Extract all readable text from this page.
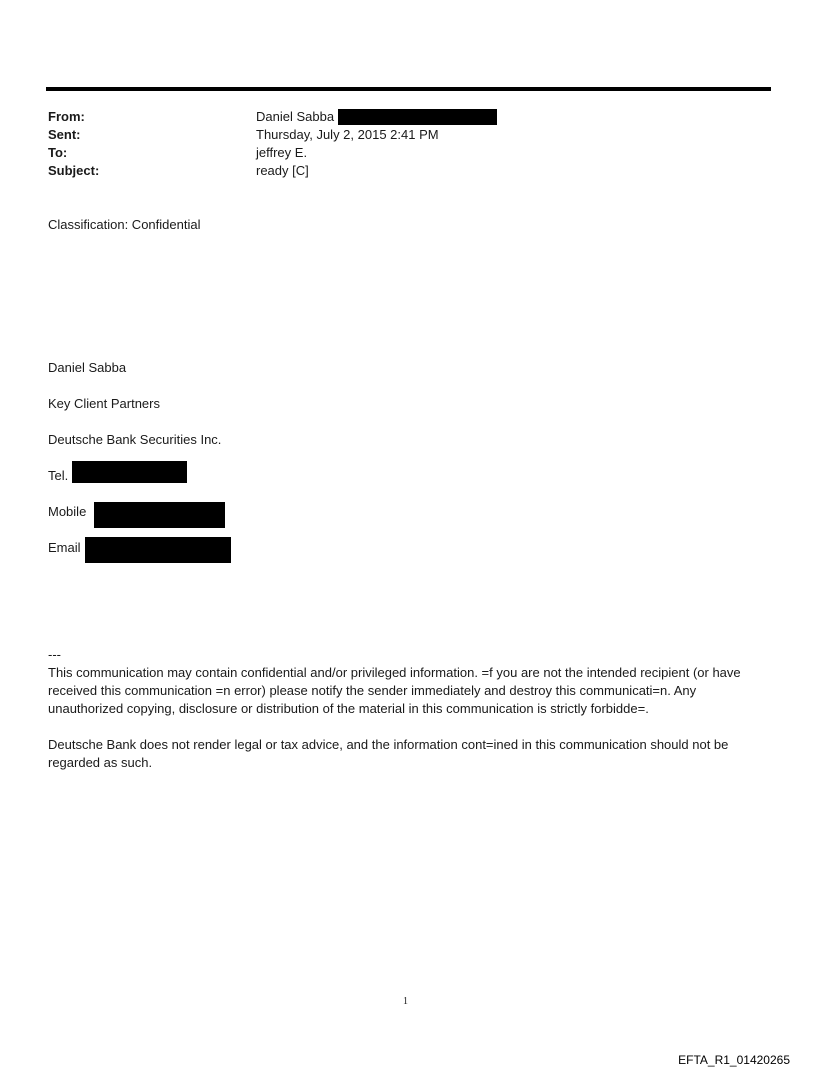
From:	Daniel Sabba
Sent:	Thursday, July 2, 2015 2:41 PM
To:	jeffrey E.
Subject:	ready [C]
Classification: Confidential
Daniel Sabba
Key Client Partners
Deutsche Bank Securities Inc.
Tel.
Mobile
Email
---
This communication may contain confidential and/or privileged information. =f you are not the intended recipient (or have received this communication =n error) please notify the sender immediately and destroy this communicati=n. Any unauthorized copying, disclosure or distribution of the material in this communication is strictly forbidde=.
Deutsche Bank does not render legal or tax advice, and the information cont=ined in this communication should not be regarded as such.
1
EFTA_R1_01420265
